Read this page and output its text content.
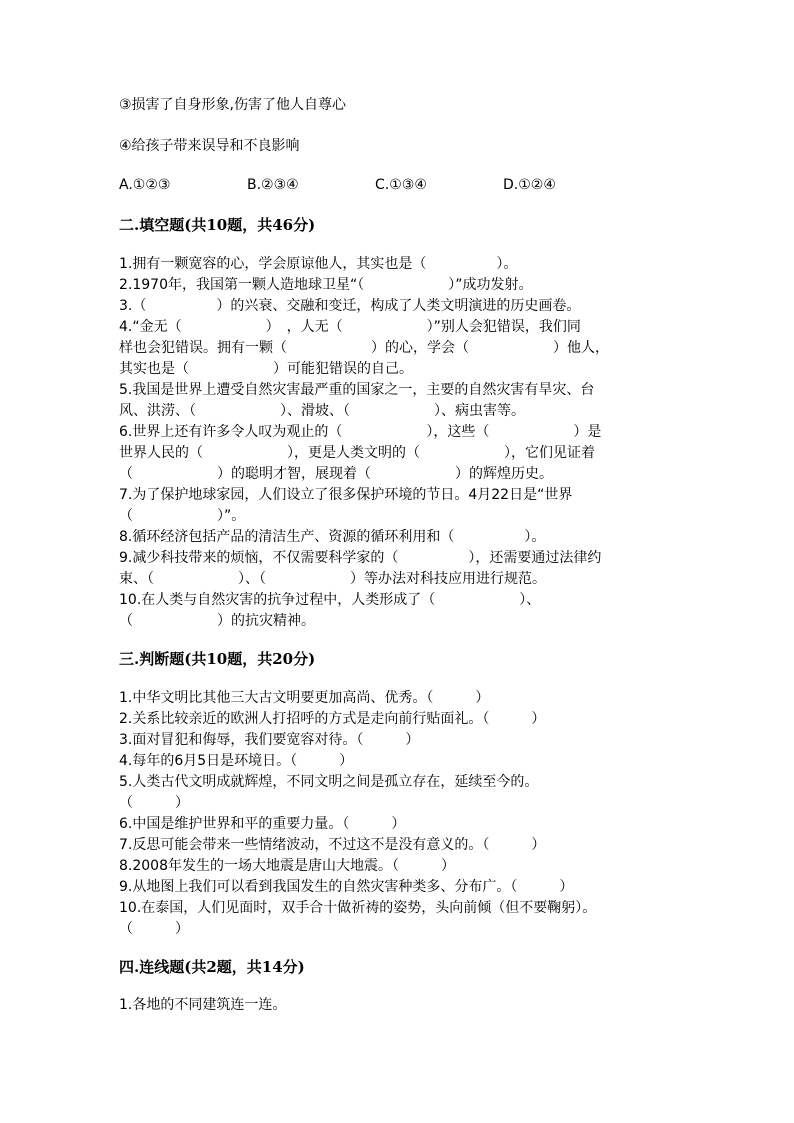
③损害了自身形象,伤害了他人自尊心
④给孩子带来误导和不良影响
A.①②③	B.②③④	C.①③④	D.①②④
二.填空题(共10题，共46分)
1.拥有一颗宽容的心，学会原谅他人，其实也是（　　　　　）。
2.1970年，我国第一颗人造地球卫星“（　　　　　　）”成功发射。
3.（　　　　　）的兴衰、交融和变迁，构成了人类文明演进的历史画卷。
4.“金无（　　　　　　）　，人无（　　　　　　）”别人会犯错误，我们同
样也会犯错误。拥有一颗（　　　　　　）的心，学会（　　　　　　）他人，
其实也是（　　　　　　）可能犯错误的自己。
5.我国是世界上遭受自然灾害最严重的国家之一，主要的自然灾害有旱灾、台
风、洪涝、（　　　　　　）、滑坡、（　　　　　　）、病虫害等。
6.世界上还有许多令人叹为观止的（　　　　　　），这些（　　　　　　）是
世界人民的（　　　　　　），更是人类文明的（　　　　　　），它们见证着
（　　　　　　）的聪明才智，展现着（　　　　　　）的辉煌历史。
7.为了保护地球家园，人们设立了很多保护环境的节日。4月22日是“世界
（　　　　　　）”。
8.循环经济包括产品的清洁生产、资源的循环利用和（　　　　　）。
9.减少科技带来的烦恼，不仅需要科学家的（　　　　　），还需要通过法律约
束、（　　　　　　）、（　　　　　　）等办法对科技应用进行规范。
10.在人类与自然灾害的抗争过程中，人类形成了（　　　　　　）、
（　　　　　　）的抗灾精神。
三.判断题(共10题，共20分)
1.中华文明比其他三大古文明要更加高尚、优秀。（　　　）
2.关系比较亲近的欧洲人打招呼的方式是走向前行贴面礼。（　　　）
3.面对冒犯和侮辱，我们要宽容对待。（　　　）
4.每年的6月5日是环境日。（　　　）
5.人类古代文明成就辉煌，不同文明之间是孤立存在，延续至今的。
（　　　）
6.中国是维护世界和平的重要力量。（　　　）
7.反思可能会带来一些情绪波动，不过这不是没有意义的。（　　　）
8.2008年发生的一场大地震是唐山大地震。（　　　）
9.从地图上我们可以看到我国发生的自然灾害种类多、分布广。（　　　）
10.在泰国，人们见面时，双手合十做祈祷的姿势，头向前倾（但不要鞠躬）。
（　　　）
四.连线题(共2题，共14分)
1.各地的不同建筑连一连。
